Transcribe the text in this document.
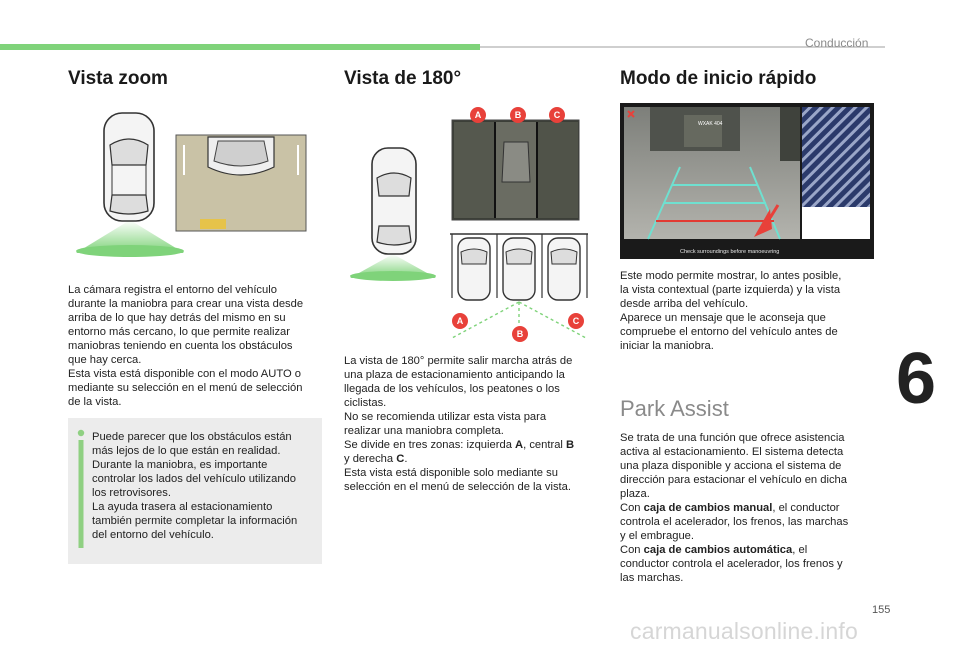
Conducción
Vista zoom
La cámara registra el entorno del vehículo
durante la maniobra para crear una vista desde
arriba de lo que hay detrás del mismo en su
entorno más cercano, lo que permite realizar
maniobras teniendo en cuenta los obstáculos
que hay cerca.
Esta vista está disponible con el modo AUTO o
mediante su selección en el menú de selección
de la vista.
Puede parecer que los obstáculos están
más lejos de lo que están en realidad.
Durante la maniobra, es importante
controlar los lados del vehículo utilizando
los retrovisores.
La ayuda trasera al estacionamiento
también permite completar la información
del entorno del vehículo.
Vista de 180°
A	B	C
A
B
C
La vista de 180° permite salir marcha atrás de
una plaza de estacionamiento anticipando la
llegada de los vehículos, los peatones o los
ciclistas.
No se recomienda utilizar esta vista para
realizar una maniobra completa.
Se divide en tres zonas: izquierda A, central B
y derecha C.
Esta vista está disponible solo mediante su
selección en el menú de selección de la vista.
Modo de inicio rápido
WXAK 404
Check surroundings before manoeuvring
Este modo permite mostrar, lo antes posible,
la vista contextual (parte izquierda) y la vista
desde arriba del vehículo.
Aparece un mensaje que le aconseja que
compruebe el entorno del vehículo antes de
iniciar la maniobra.
Park Assist
Se trata de una función que ofrece asistencia
activa al estacionamiento. El sistema detecta
una plaza disponible y acciona el sistema de
dirección para estacionar el vehículo en dicha
plaza.
Con caja de cambios manual, el conductor
controla el acelerador, los frenos, las marchas
y el embrague.
Con caja de cambios automática, el
conductor controla el acelerador, los frenos y
las marchas.
6
155
carmanualsonline.info
